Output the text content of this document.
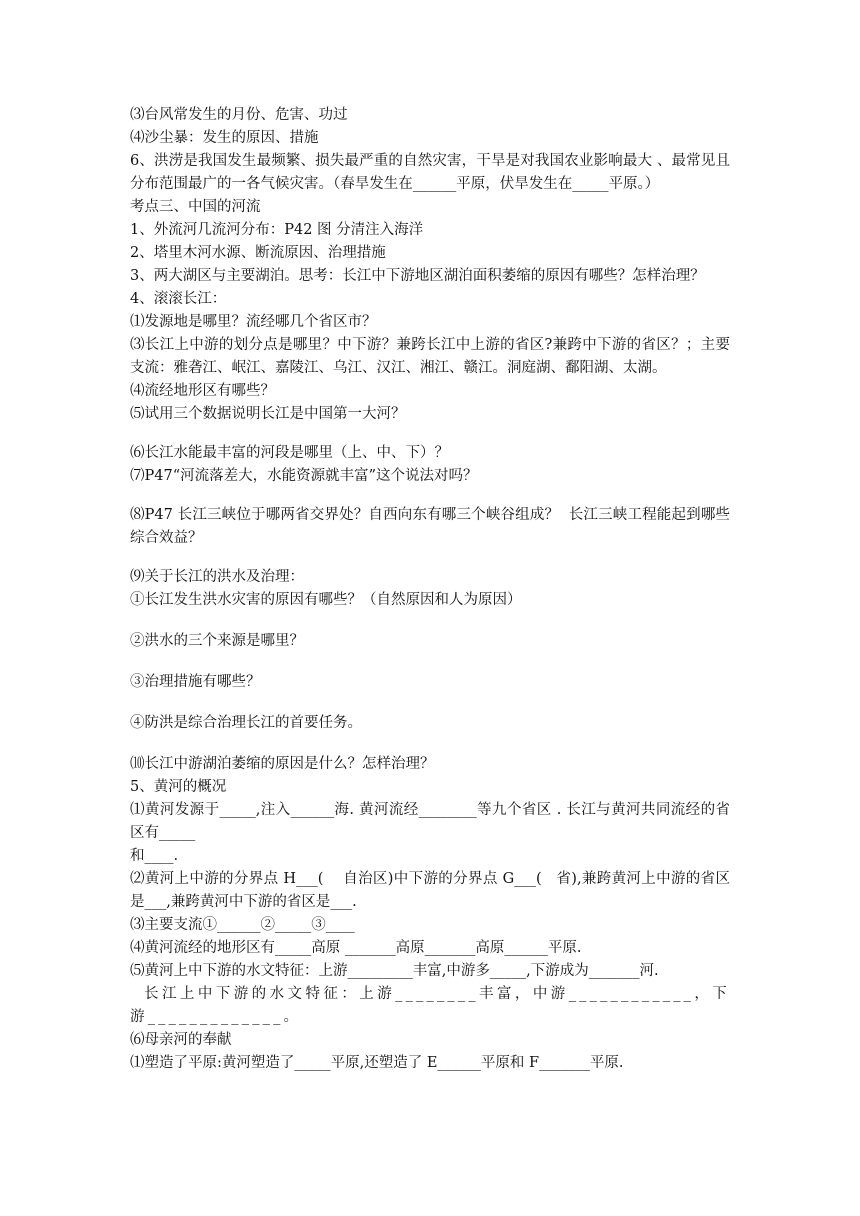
⑶台风常发生的月份、危害、功过

⑷沙尘暴：发生的原因、措施

6、洪涝是我国发生最频繁、损失最严重的自然灾害，干旱是对我国农业影响最大 、最常见且分布范围最广的一各气候灾害。（春旱发生在______平原，伏旱发生在_____平原。）

考点三、中国的河流

1、外流河几流河分布：P42 图 分清注入海洋

2、塔里木河水源、断流原因、治理措施

3、两大湖区与主要湖泊。思考：长江中下游地区湖泊面积萎缩的原因有哪些？怎样治理？

4、滚滚长江：

⑴发源地是哪里？流经哪几个省区市？

⑶长江上中游的划分点是哪里？中下游？兼跨长江中上游的省区?兼跨中下游的省区？；主要支流：雅砻江、岷江、嘉陵江、乌江、汉江、湘江、赣江。洞庭湖、鄱阳湖、太湖。

⑷流经地形区有哪些？

⑸试用三个数据说明长江是中国第一大河？

⑹长江水能最丰富的河段是哪里（上、中、下）？

⑺P47“河流落差大，水能资源就丰富”这个说法对吗？

⑻P47 长江三峡位于哪两省交界处？自西向东有哪三个峡谷组成？  长江三峡工程能起到哪些综合效益？

⑼关于长江的洪水及治理：

①长江发生洪水灾害的原因有哪些？（自然原因和人为原因）

②洪水的三个来源是哪里？

③治理措施有哪些？

④防洪是综合治理长江的首要任务。

⑽长江中游湖泊萎缩的原因是什么？怎样治理？

5、黄河的概况

⑴黄河发源于_____,注入______海. 黄河流经________等九个省区 . 长江与黄河共同流经的省区有_____

和____.

⑵黄河上中游的分界点 H___(    自治区)中下游的分界点 G___(   省),兼跨黄河上中游的省区是___,兼跨黄河中下游的省区是___.

⑶主要支流①______②_____③____

⑷黄河流经的地形区有_____高原 _______高原_______高原______平原.

⑸黄河上中下游的水文特征：上游_________丰富,中游多_____,下游成为_______河.

长江上中下游的水文特征：上游________丰富，中游____________，下游_____________。

⑹母亲河的奉献

⑴塑造了平原:黄河塑造了_____平原,还塑造了 E______平原和 F_______平原.
